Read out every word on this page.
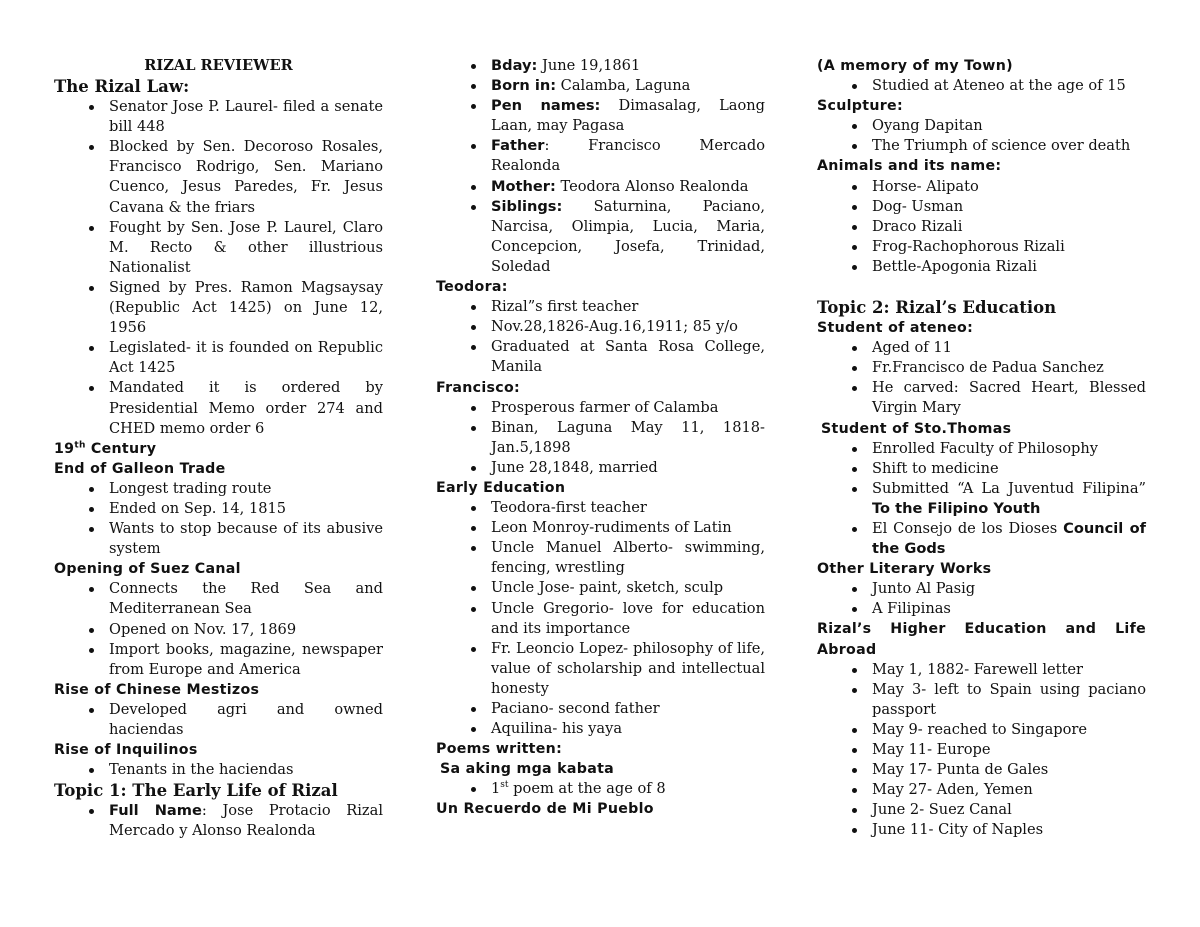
RIZAL REVIEWER
The Rizal Law:
Senator Jose P. Laurel- filed a senate bill 448
Blocked by Sen. Decoroso Rosales, Francisco Rodrigo, Sen. Mariano Cuenco, Jesus Paredes, Fr. Jesus Cavana & the friars
Fought by Sen. Jose P. Laurel, Claro M. Recto & other illustrious Nationalist
Signed by Pres. Ramon Magsaysay (Republic Act 1425) on June 12, 1956
Legislated- it is founded on Republic Act 1425
Mandated it is ordered by Presidential Memo order 274 and CHED memo order 6
19th Century
End of Galleon Trade
Longest trading route
Ended on Sep. 14, 1815
Wants to stop because of its abusive system
Opening of Suez Canal
Connects the Red Sea and Mediterranean Sea
Opened on Nov. 17, 1869
Import books, magazine, newspaper from Europe and America
Rise of Chinese Mestizos
Developed agri and owned haciendas
Rise of Inquilinos
Tenants in the haciendas
Topic 1: The Early Life of Rizal
Full Name: Jose Protacio Rizal Mercado y Alonso Realonda
Bday: June 19,1861
Born in: Calamba, Laguna
Pen names: Dimasalag, Laong Laan, may Pagasa
Father: Francisco Mercado Realonda
Mother: Teodora Alonso Realonda
Siblings: Saturnina, Paciano, Narcisa, Olimpia, Lucia, Maria, Concepcion, Josefa, Trinidad, Soledad
Teodora:
Rizal”s first teacher
Nov.28,1826-Aug.16,1911; 85 y/o
Graduated at Santa Rosa College, Manila
Francisco:
Prosperous farmer of Calamba
Binan, Laguna May 11, 1818-Jan.5,1898
June 28,1848, married
Early Education
Teodora-first teacher
Leon Monroy-rudiments of Latin
Uncle Manuel Alberto- swimming, fencing, wrestling
Uncle Jose- paint, sketch, sculp
Uncle Gregorio- love for education and its importance
Fr. Leoncio Lopez- philosophy of life, value of scholarship and intellectual honesty
Paciano- second father
Aquilina- his yaya
Poems written:
Sa aking mga kabata
1st poem at the age of 8
Un Recuerdo de Mi Pueblo
(A memory of my Town)
Studied at Ateneo at the age of 15
Sculpture:
Oyang Dapitan
The Triumph of science over death
Animals and its name:
Horse- Alipato
Dog- Usman
Draco Rizali
Frog-Rachophorous Rizali
Bettle-Apogonia Rizali
Topic 2: Rizal’s Education
Student of ateneo:
Aged of 11
Fr.Francisco de Padua Sanchez
He carved: Sacred Heart, Blessed Virgin Mary
Student of Sto.Thomas
Enrolled Faculty of Philosophy
Shift to medicine
Submitted “A La Juventud Filipina” To the Filipino Youth
El Consejo de los Dioses Council of the Gods
Other Literary Works
Junto Al Pasig
A Filipinas
Rizal’s Higher Education and Life Abroad
May 1, 1882- Farewell letter
May 3- left to Spain using paciano passport
May 9- reached to Singapore
May 11- Europe
May 17- Punta de Gales
May 27- Aden, Yemen
June 2- Suez Canal
June 11- City of Naples
